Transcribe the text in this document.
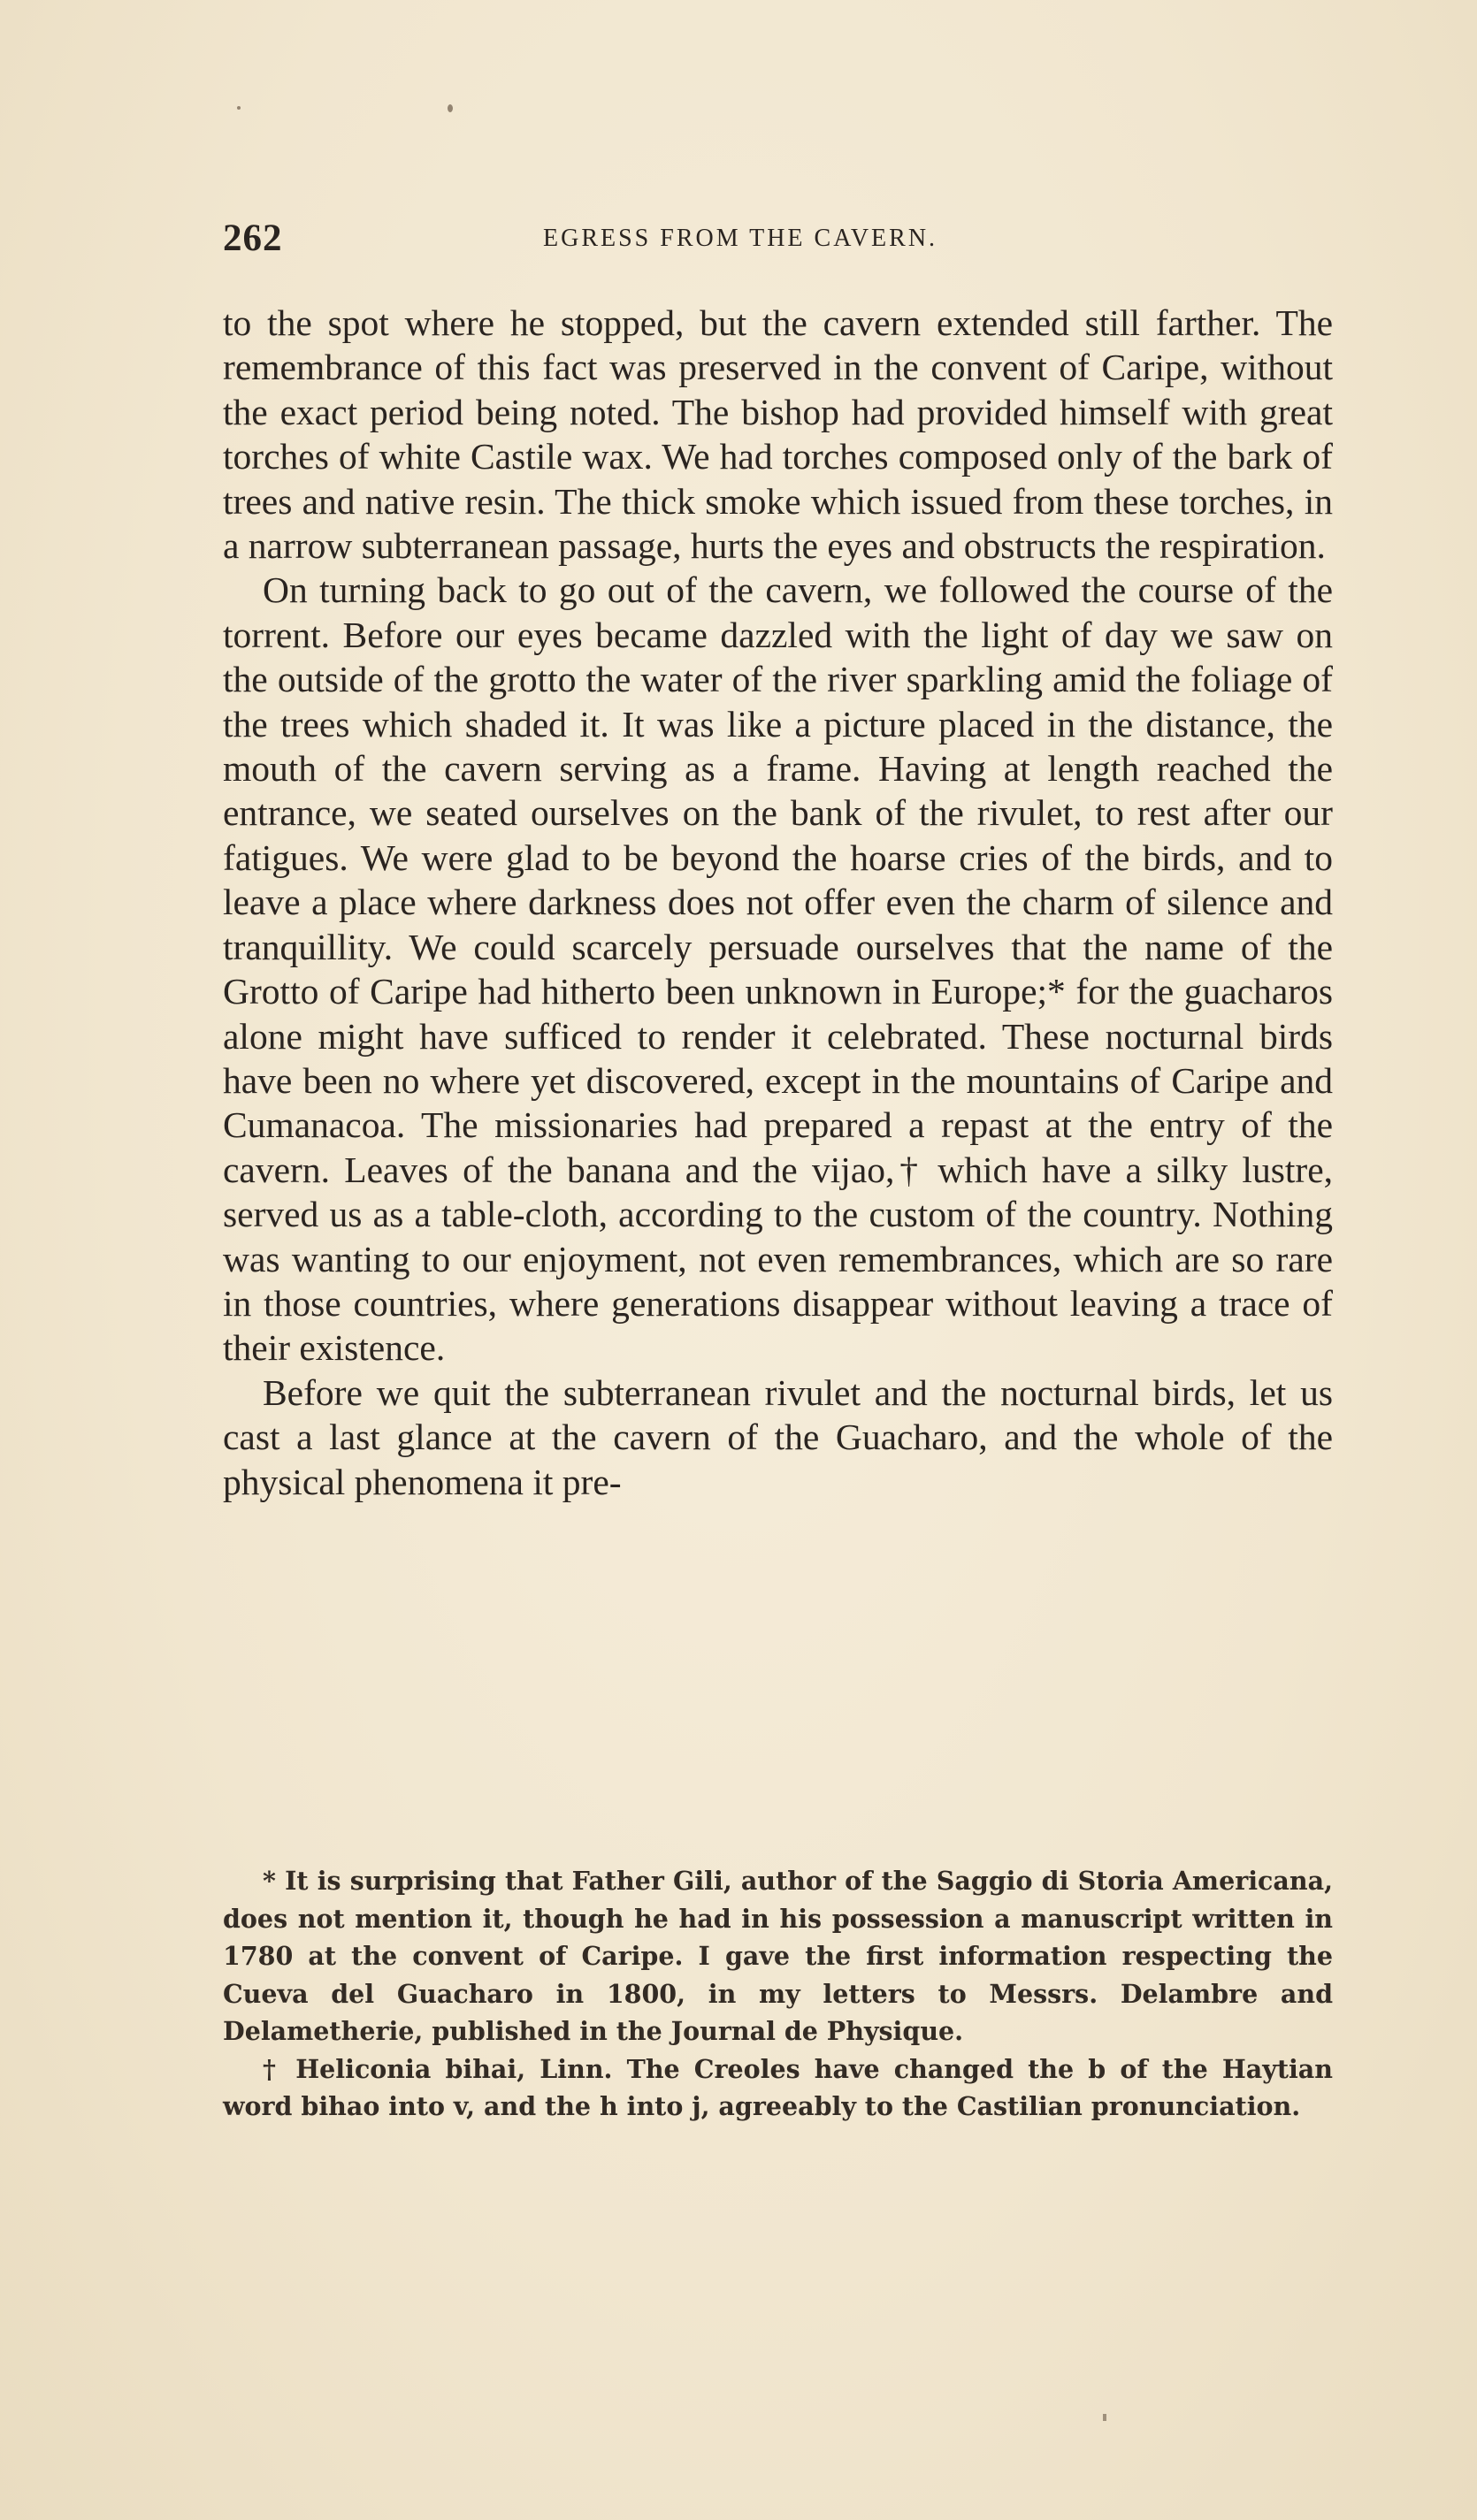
262	EGRESS FROM THE CAVERN.

to the spot where he stopped, but the cavern extended still farther. The remembrance of this fact was preserved in the convent of Caripe, without the exact period being noted. The bishop had provided himself with great torches of white Castile wax. We had torches composed only of the bark of trees and native resin. The thick smoke which issued from these torches, in a narrow subterranean passage, hurts the eyes and obstructs the respiration.

On turning back to go out of the cavern, we followed the course of the torrent. Before our eyes became dazzled with the light of day we saw on the outside of the grotto the water of the river sparkling amid the foliage of the trees which shaded it. It was like a picture placed in the distance, the mouth of the cavern serving as a frame. Having at length reached the entrance, we seated ourselves on the bank of the rivulet, to rest after our fatigues. We were glad to be beyond the hoarse cries of the birds, and to leave a place where darkness does not offer even the charm of silence and tranquillity. We could scarcely persuade ourselves that the name of the Grotto of Caripe had hitherto been unknown in Europe;* for the guacharos alone might have sufficed to render it celebrated. These nocturnal birds have been no where yet discovered, except in the mountains of Caripe and Cumanacoa. The missionaries had prepared a repast at the entry of the cavern. Leaves of the banana and the vijao,† which have a silky lustre, served us as a table-cloth, according to the custom of the country. Nothing was wanting to our enjoyment, not even remembrances, which are so rare in those countries, where generations disappear without leaving a trace of their existence.

Before we quit the subterranean rivulet and the nocturnal birds, let us cast a last glance at the cavern of the Guacharo, and the whole of the physical phenomena it pre-

* It is surprising that Father Gili, author of the Saggio di Storia Americana, does not mention it, though he had in his possession a manuscript written in 1780 at the convent of Caripe. I gave the first information respecting the Cueva del Guacharo in 1800, in my letters to Messrs. Delambre and Delametherie, published in the Journal de Physique.

† Heliconia bihai, Linn. The Creoles have changed the b of the Haytian word bihao into v, and the h into j, agreeably to the Castilian pronunciation.
